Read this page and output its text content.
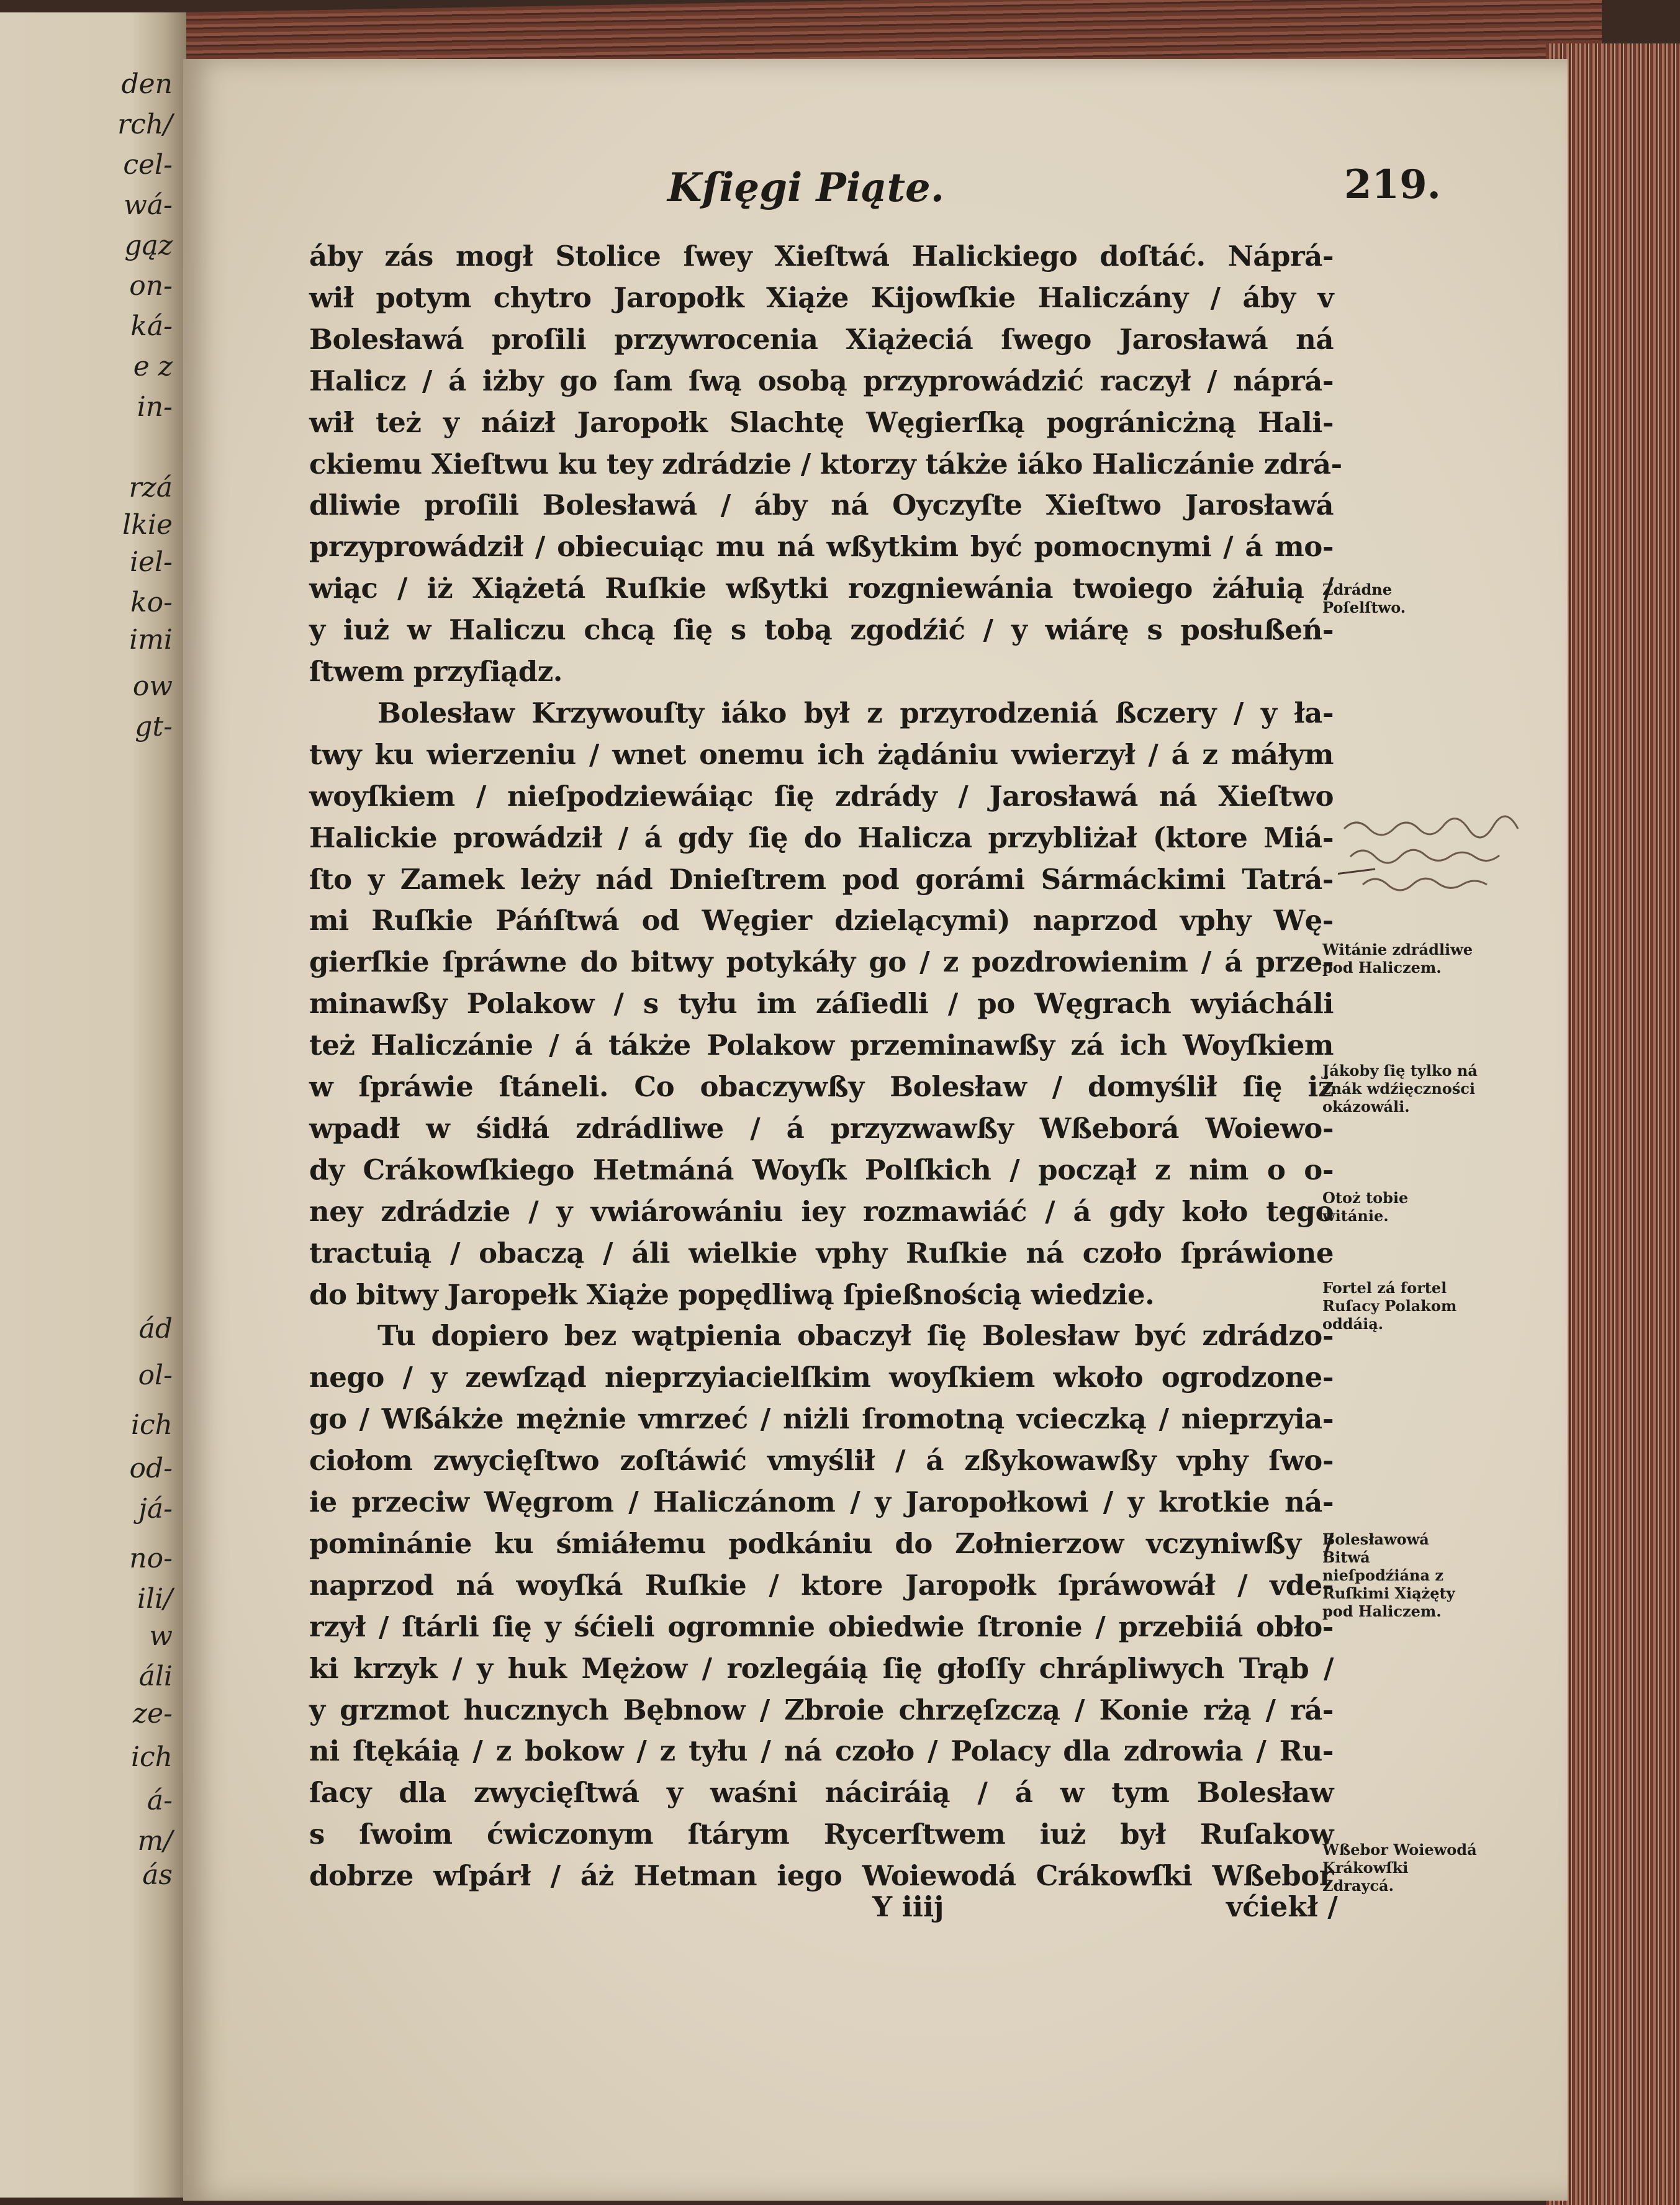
den
rch/
cel-
wá-
gąz
on-
ká-
e z
in-
rzá
lkie
iel-
ko-
imi
ow
gt-
ád
ol-
ich
od-
já-
no-
ili/
w
áli
ze-
ich
á-
m/
ás
Kſięgi Piąte.	219.
áby zás mogł Stolice ſwey Xieſtwá Halickiego doſtáć. Náprá-
wił potym chytro Jaropołk Xiąże Kijowſkie Haliczány / áby v
Bolesławá proſili przywrocenia Xiążeciá ſwego Jarosławá ná
Halicz / á iżby go ſam ſwą osobą przyprowádzić raczył / náprá-
wił też y náizł Jaropołk Slachtę Węgierſką pogránicżną Hali-
ckiemu Xieſtwu ku tey zdrádzie / ktorzy tákże iáko Haliczánie zdrá-
dliwie proſili Bolesławá / áby ná Oyczyſte Xieſtwo Jarosławá
przyprowádził / obiecuiąc mu ná wßytkim być pomocnymi / á mo-
wiąc / iż Xiążetá Ruſkie wßytki rozgniewánia twoiego żáłuią /
y iuż w Haliczu chcą ſię s tobą zgodźić / y wiárę s posłußeń-
ſtwem przyſiądz.
Bolesław Krzywouſty iáko był z przyrodzeniá ßczery / y ła-
twy ku wierzeniu / wnet onemu ich żądániu vwierzył / á z máłym
woyſkiem / nieſpodziewáiąc ſię zdrády / Jarosławá ná Xieſtwo
Halickie prowádził / á gdy ſię do Halicza przybliżał (ktore Miá-
ſto y Zamek leży nád Dnieſtrem pod gorámi Sármáckimi Tatrá-
mi Ruſkie Páńſtwá od Węgier dzielącymi) naprzod vphy Wę-
gierſkie ſpráwne do bitwy potykáły go / z pozdrowienim / á prze-
minawßy Polakow / s tyłu im záſiedli / po Węgrach wyiácháli
też Haliczánie / á tákże Polakow przeminawßy zá ich Woyſkiem
w ſpráwie ſtáneli. Co obaczywßy Bolesław / domyślił ſię iż
wpadł w śidłá zdrádliwe / á przyzwawßy Wßeborá Woiewo-
dy Crákowſkiego Hetmáná Woyſk Polſkich / począł z nim o o-
ney zdrádzie / y vwiárowániu iey rozmawiáć / á gdy koło tego
tractuią / obaczą / áli wielkie vphy Ruſkie ná czoło ſpráwione
do bitwy Jaropełk Xiąże popędliwą ſpießnością wiedzie.
Tu dopiero bez wątpienia obaczył ſię Bolesław być zdrádzo-
nego / y zewſząd nieprzyiacielſkim woyſkiem wkoło ogrodzone-
go / Wßákże mężnie vmrzeć / niżli ſromotną vcieczką / nieprzyia-
ciołom zwycięſtwo zoſtáwić vmyślił / á zßykowawßy vphy ſwo-
ie przeciw Węgrom / Haliczánom / y Jaropołkowi / y krotkie ná-
pominánie ku śmiáłemu podkániu do Zołnierzow vczyniwßy /
naprzod ná woyſká Ruſkie / ktore Jaropołk ſpráwowáł / vde-
rzył / ſtárli ſię y śćieli ogromnie obiedwie ſtronie / przebiiá obło-
ki krzyk / y huk Mężow / rozlegáią ſię głoſſy chrápliwych Trąb /
y grzmot hucznych Bębnow / Zbroie chrzęſzczą / Konie rżą / rá-
ni ſtękáią / z bokow / z tyłu / ná czoło / Polacy dla zdrowia / Ru-
ſacy dla zwycięſtwá y waśni náciráią / á w tym Bolesław
s ſwoim ćwiczonym ſtárym Rycerſtwem iuż był Ruſakow
dobrze wſpárł / áż Hetman iego Woiewodá Crákowſki Wßebor
Zdrádne Poſelſtwo.
Witánie zdrádliwe pod Haliczem.
Jákoby ſię tylko ná znák wdźięczności okázowáli.
Otoż tobie witánie.
Fortel zá fortel Ruſacy Polakom oddáią.
Bolesławowá Bitwá nieſpodźiána z Ruſkimi Xiążęty pod Haliczem.
Wßebor Woiewodá Krákowſki Zdraycá.
Y iiij	vćiekł /
